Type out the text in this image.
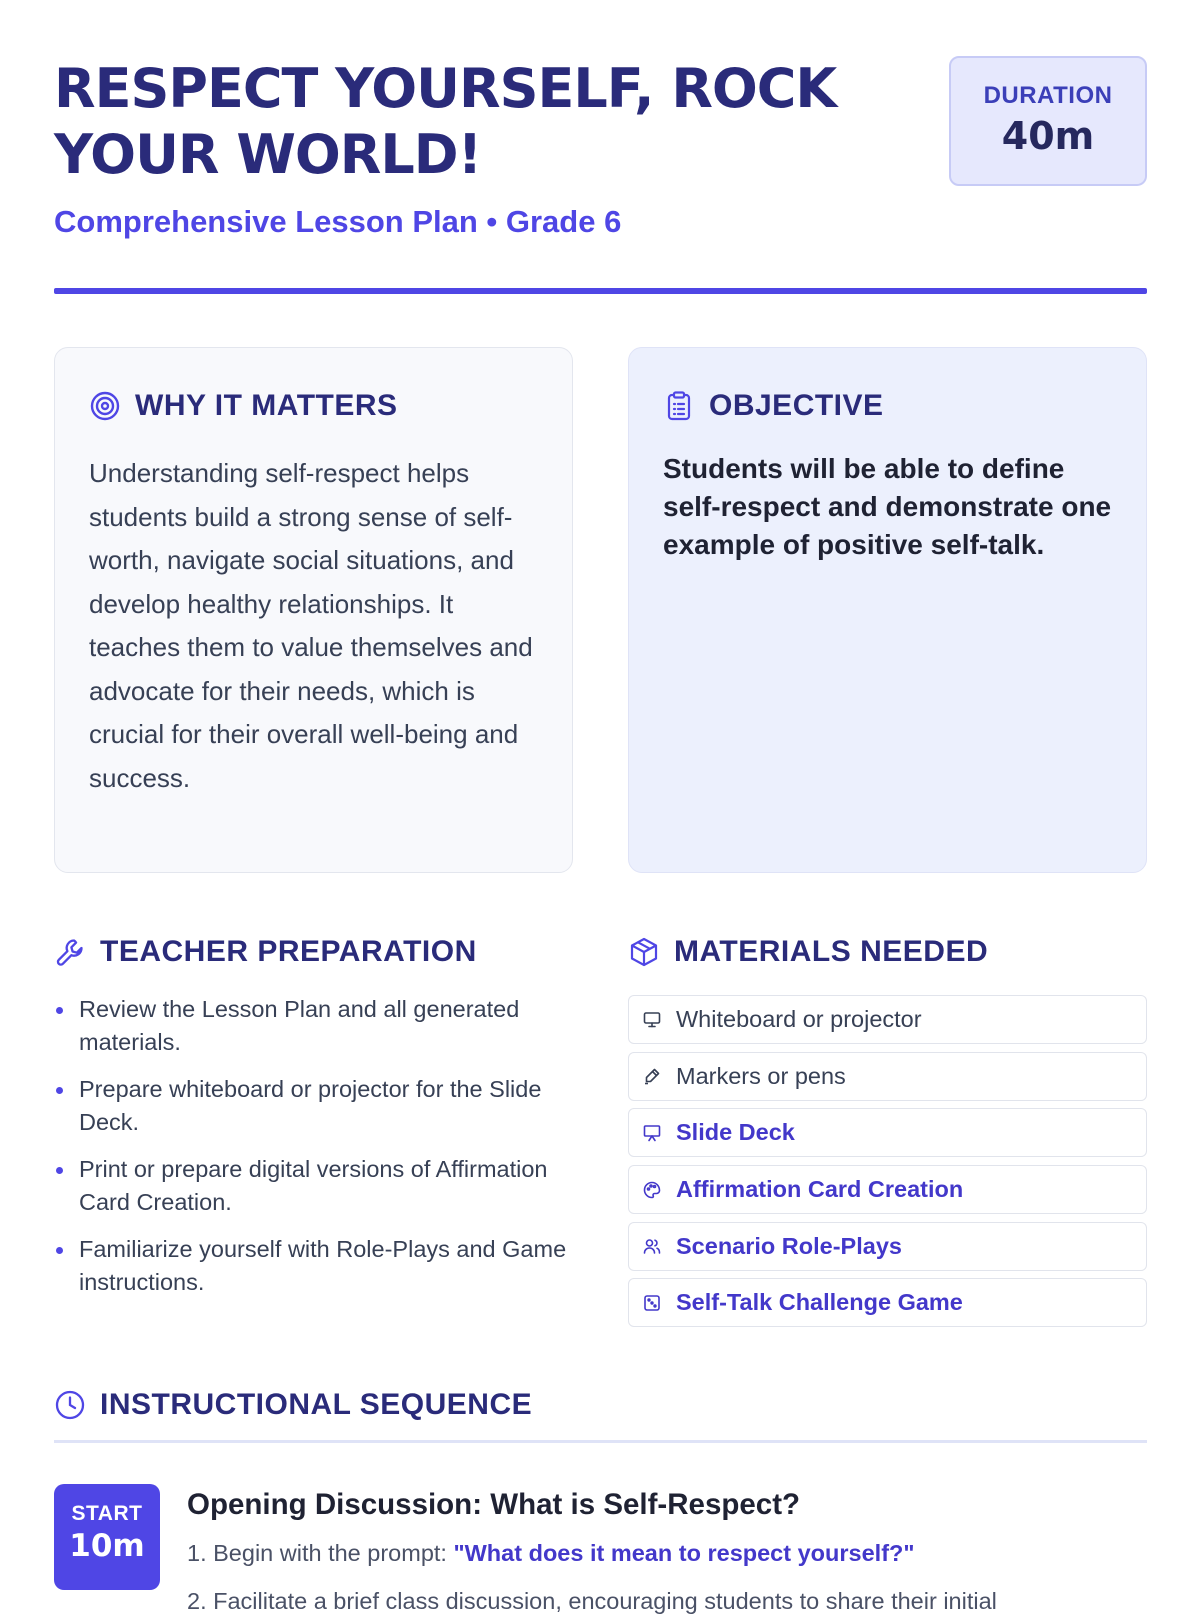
RESPECT YOURSELF, ROCK YOUR WORLD!
Comprehensive Lesson Plan • Grade 6
DURATION
40m
WHY IT MATTERS

Understanding self-respect helps students build a strong sense of self-worth, navigate social situations, and develop healthy relationships. It teaches them to value themselves and advocate for their needs, which is crucial for their overall well-being and success.

OBJECTIVE

Students will be able to define self-respect and demonstrate one example of positive self-talk.

TEACHER PREPARATION
Review the Lesson Plan and all generated materials.
Prepare whiteboard or projector for the Slide Deck.
Print or prepare digital versions of Affirmation Card Creation.
Familiarize yourself with Role-Plays and Game instructions.
MATERIALS NEEDED
Whiteboard or projector
Markers or pens
Slide Deck
Affirmation Card Creation
Scenario Role-Plays
Self-Talk Challenge Game
INSTRUCTIONAL SEQUENCE
START
10m
Opening Discussion: What is Self-Respect?
1. Begin with the prompt: "What does it mean to respect yourself?"
2. Facilitate a brief class discussion, encouraging students to share their initial
